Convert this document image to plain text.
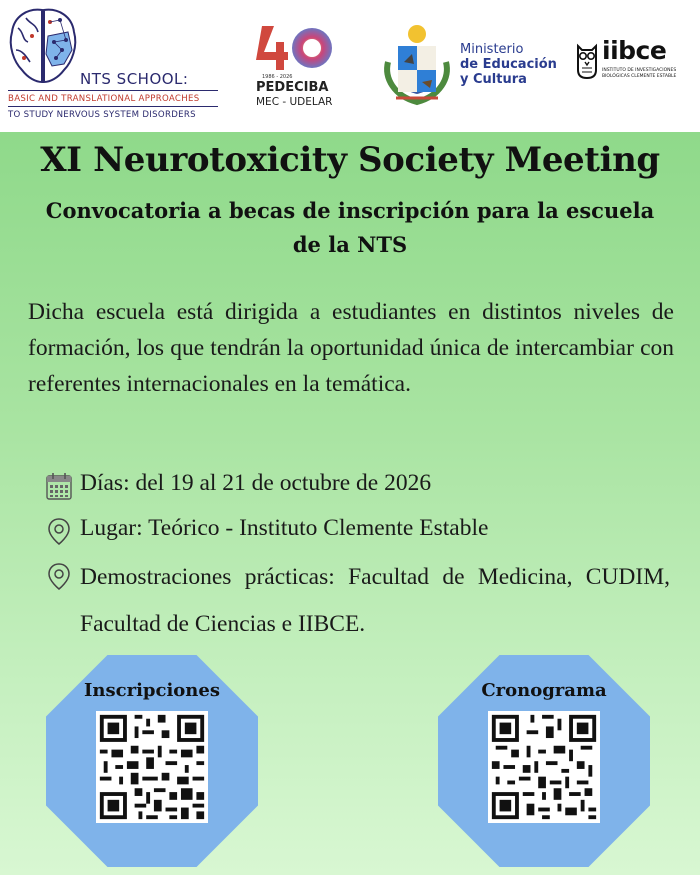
NTS SCHOOL:
BASIC AND TRANSLATIONAL APPROACHES
TO STUDY NERVOUS SYSTEM DISORDERS
1986 - 2026
PEDECIBA
MEC - UDELAR
Ministerio
de Educación
y Cultura
iibce
INSTITUTO DE INVESTIGACIONES
BIOLÓGICAS CLEMENTE ESTABLE
XI Neurotoxicity Society Meeting
Convocatoria a becas de inscripción para la escuela de la NTS

Dicha escuela está dirigida a estudiantes en distintos niveles de formación, los que tendrán la oportunidad única de intercambiar con referentes internacionales en la temática.

Días: del 19 al 21 de octubre de 2026
Lugar: Teórico - Instituto Clemente Estable
Demostraciones prácticas: Facultad de Medicina, CUDIM, Facultad de Ciencias e IIBCE.
Inscripciones	Cronograma
